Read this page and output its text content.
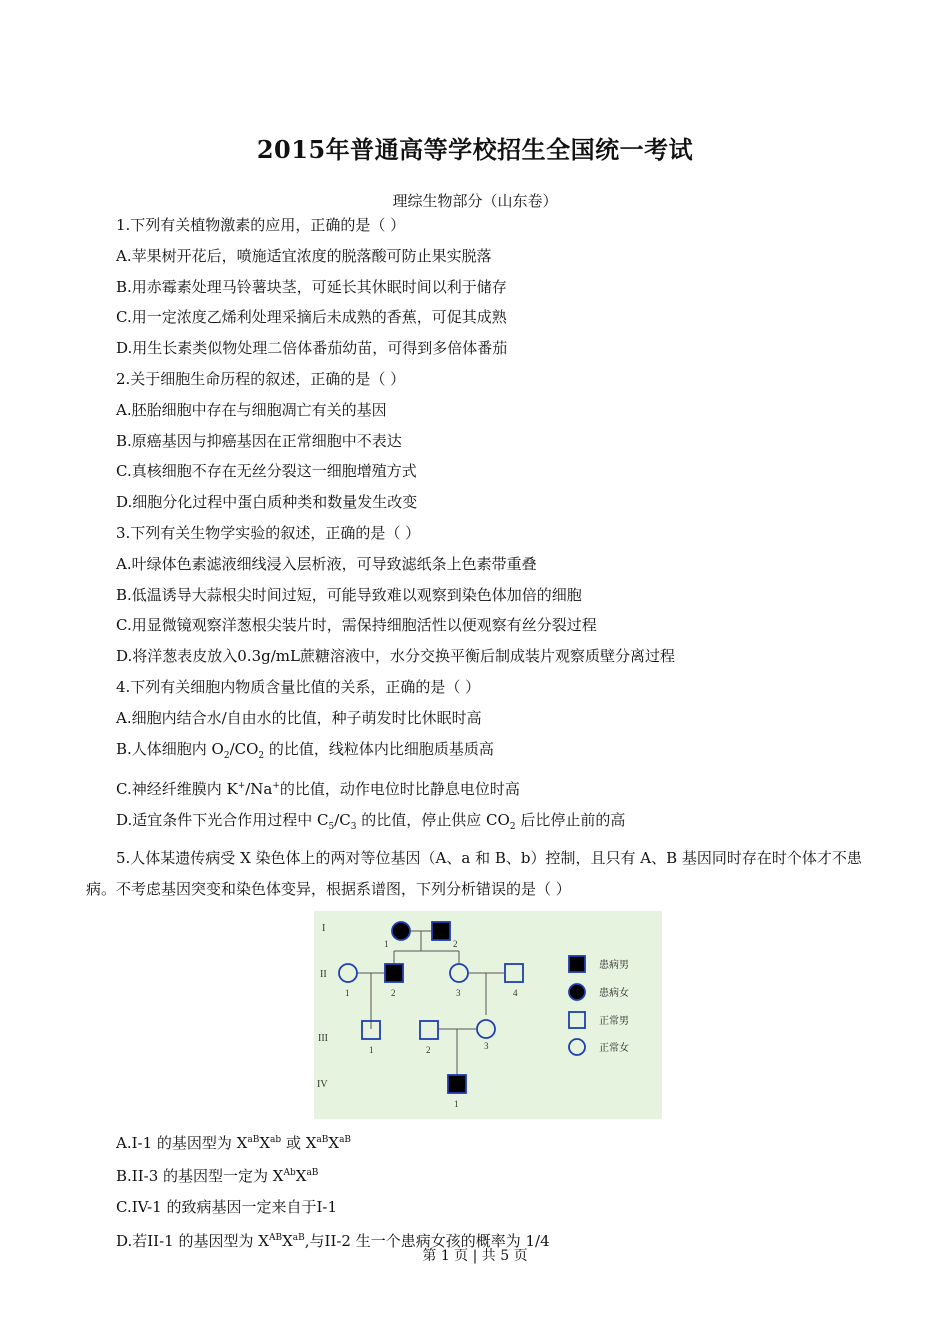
2015年普通高等学校招生全国统一考试
理综生物部分（山东卷）

1.下列有关植物激素的应用，正确的是（ ）

A.苹果树开花后，喷施适宜浓度的脱落酸可防止果实脱落

B.用赤霉素处理马铃薯块茎，可延长其休眠时间以利于储存

C.用一定浓度乙烯利处理采摘后未成熟的香蕉，可促其成熟

D.用生长素类似物处理二倍体番茄幼苗，可得到多倍体番茄

2.关于细胞生命历程的叙述，正确的是（ ）

A.胚胎细胞中存在与细胞凋亡有关的基因

B.原癌基因与抑癌基因在正常细胞中不表达

C.真核细胞不存在无丝分裂这一细胞增殖方式

D.细胞分化过程中蛋白质种类和数量发生改变

3.下列有关生物学实验的叙述，正确的是（ ）

A.叶绿体色素滤液细线浸入层析液，可导致滤纸条上色素带重叠

B.低温诱导大蒜根尖时间过短，可能导致难以观察到染色体加倍的细胞

C.用显微镜观察洋葱根尖装片时，需保持细胞活性以便观察有丝分裂过程

D.将洋葱表皮放入0.3g/mL蔗糖溶液中，水分交换平衡后制成装片观察质壁分离过程

4.下列有关细胞内物质含量比值的关系，正确的是（ ）

A.细胞内结合水/自由水的比值，种子萌发时比休眠时高

B.人体细胞内 $O_2/CO_2$ 的比值，线粒体内比细胞质基质高

C.神经纤维膜内 K+/Na+的比值，动作电位时比静息电位时高

D.适宜条件下光合作用过程中 $C_5/C_3$ 的比值，停止供应 $CO_2$ 后比停止前的高

5.人体某遗传病受 X 染色体上的两对等位基因（A、a 和 B、b）控制，且只有 A、B 基因同时存在时个体才不患病。不考虑基因突变和染色体变异，根据系谱图，下列分析错误的是（ ）

I
II
III
IV
1	2
1	2	3	4
1	2	3
1
患病男
患病女
正常男
正常女

A.I-1 的基因型为 $X^{aB}X^{ab}$ 或 $X^{aB}X^{aB}$

B.II-3 的基因型一定为 $X^{Ab}X^{aB}$

C.IV-1 的致病基因一定来自于I-1

D.若II-1 的基因型为 $X^{AB}X^{aB}$,与II-2 生一个患病女孩的概率为 1/4

第 1 页 | 共 5 页
